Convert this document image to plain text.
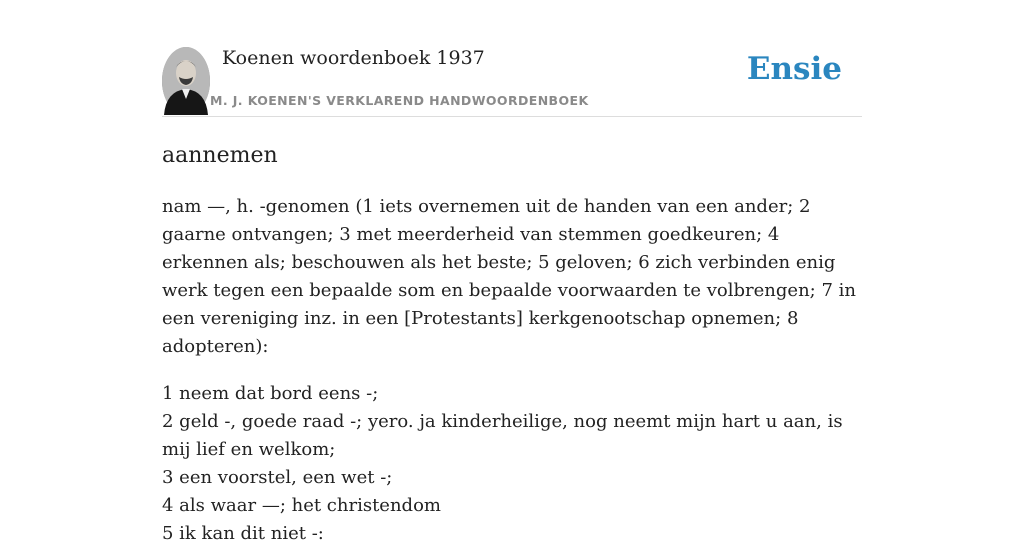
Koenen woordenboek 1937
M. J. KOENEN'S VERKLAREND HANDWOORDENBOEK
Ensie
aannemen

nam —, h. -genomen (1 iets overnemen uit de handen van een ander; 2 gaarne ontvangen; 3 met meerderheid van stemmen goedkeuren; 4 erkennen als; beschouwen als het beste; 5 geloven; 6 zich verbinden enig werk tegen een bepaalde som en bepaalde voorwaarden te volbrengen; 7 in een vereniging inz. in een [Protestants] kerkgenootschap opnemen; 8 adopteren):

1 neem dat bord eens -;
2 geld -, goede raad -; yero. ja kinderheilige, nog neemt mijn hart u aan, is mij lief en welkom;
3 een voorstel, een wet -;
4 als waar —; het christendom
5 ik kan dit niet -:
